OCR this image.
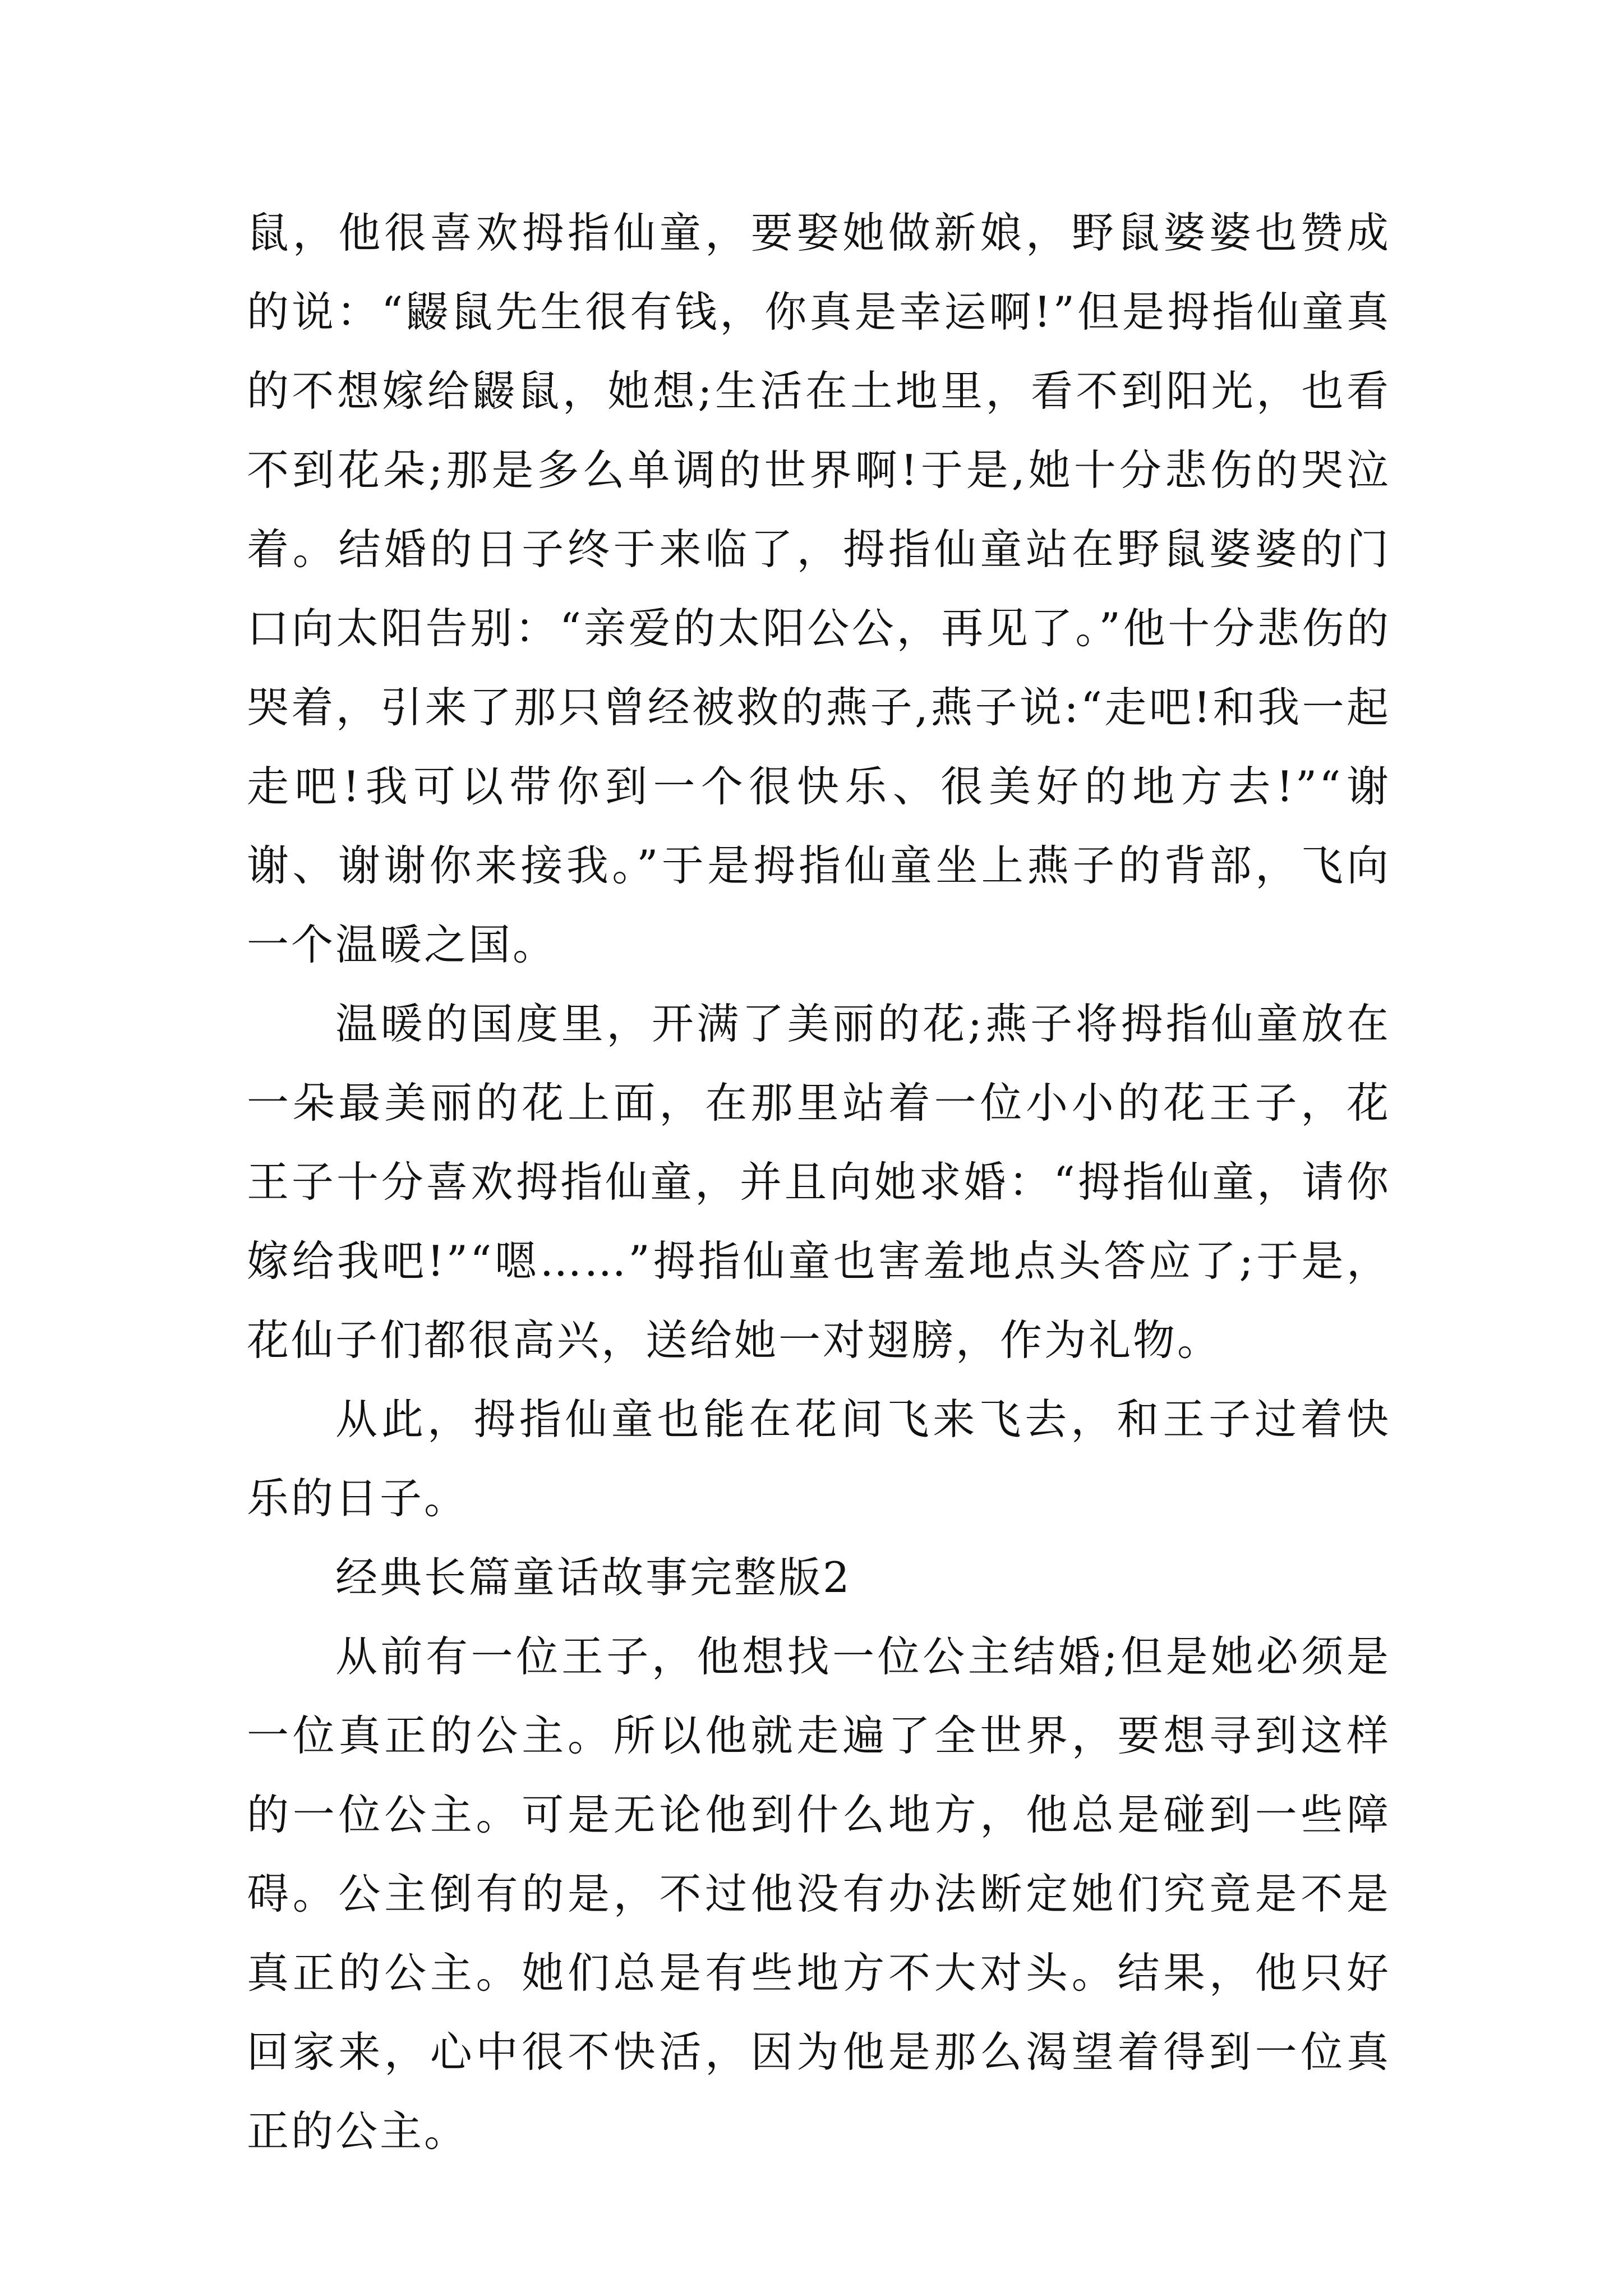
鼠，他很喜欢拇指仙童，要娶她做新娘，野鼠婆婆也赞成的说：“鼹鼠先生很有钱，你真是幸运啊!”但是拇指仙童真的不想嫁给鼹鼠，她想;生活在土地里，看不到阳光，也看不到花朵;那是多么单调的世界啊!于是,她十分悲伤的哭泣着。结婚的日子终于来临了，拇指仙童站在野鼠婆婆的门口向太阳告别：“亲爱的太阳公公，再见了。”他十分悲伤的哭着，引来了那只曾经被救的燕子,燕子说:“走吧!和我一起走吧!我可以带你到一个很快乐、很美好的地方去!”“谢谢、谢谢你来接我。”于是拇指仙童坐上燕子的背部，飞向一个温暖之国。

温暖的国度里，开满了美丽的花;燕子将拇指仙童放在一朵最美丽的花上面，在那里站着一位小小的花王子，花王子十分喜欢拇指仙童，并且向她求婚：“拇指仙童，请你嫁给我吧!”“嗯……”拇指仙童也害羞地点头答应了;于是，花仙子们都很高兴，送给她一对翅膀，作为礼物。

从此，拇指仙童也能在花间飞来飞去，和王子过着快乐的日子。

经典长篇童话故事完整版2

从前有一位王子，他想找一位公主结婚;但是她必须是一位真正的公主。所以他就走遍了全世界，要想寻到这样的一位公主。可是无论他到什么地方，他总是碰到一些障碍。公主倒有的是，不过他没有办法断定她们究竟是不是真正的公主。她们总是有些地方不大对头。结果，他只好回家来，心中很不快活，因为他是那么渴望着得到一位真正的公主。
